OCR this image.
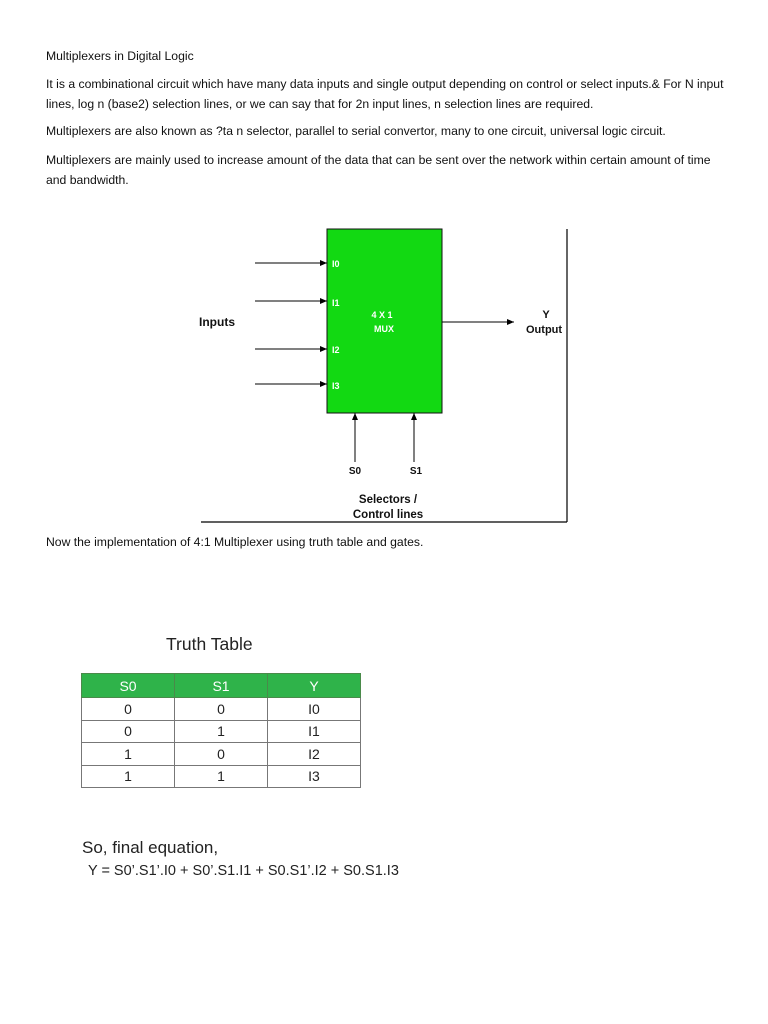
Multiplexers in Digital Logic

It is a combinational circuit which have many data inputs and single output depending on control or select inputs.& For N input lines, log n (base2) selection lines, or we can say that for 2n input lines, n selection lines are required.

Multiplexers are also known as ?ta n selector, parallel to serial convertor, many to one circuit, universal logic circuit.

Multiplexers are mainly used to increase amount of the data that can be sent over the network within certain amount of time and bandwidth.

I0
I1
I2
I3
4 X 1
MUX
Inputs	Y
Output
S0	S1
Selectors /
Control lines

Now the implementation of 4:1 Multiplexer using truth table and gates.

Truth Table
S0	S1	Y
0	0	I0
0	1	I1
1	0	I2
1	1	I3
So, final equation,
Y = S0’.S1’.I0 + S0’.S1.I1 + S0.S1’.I2 + S0.S1.I3
